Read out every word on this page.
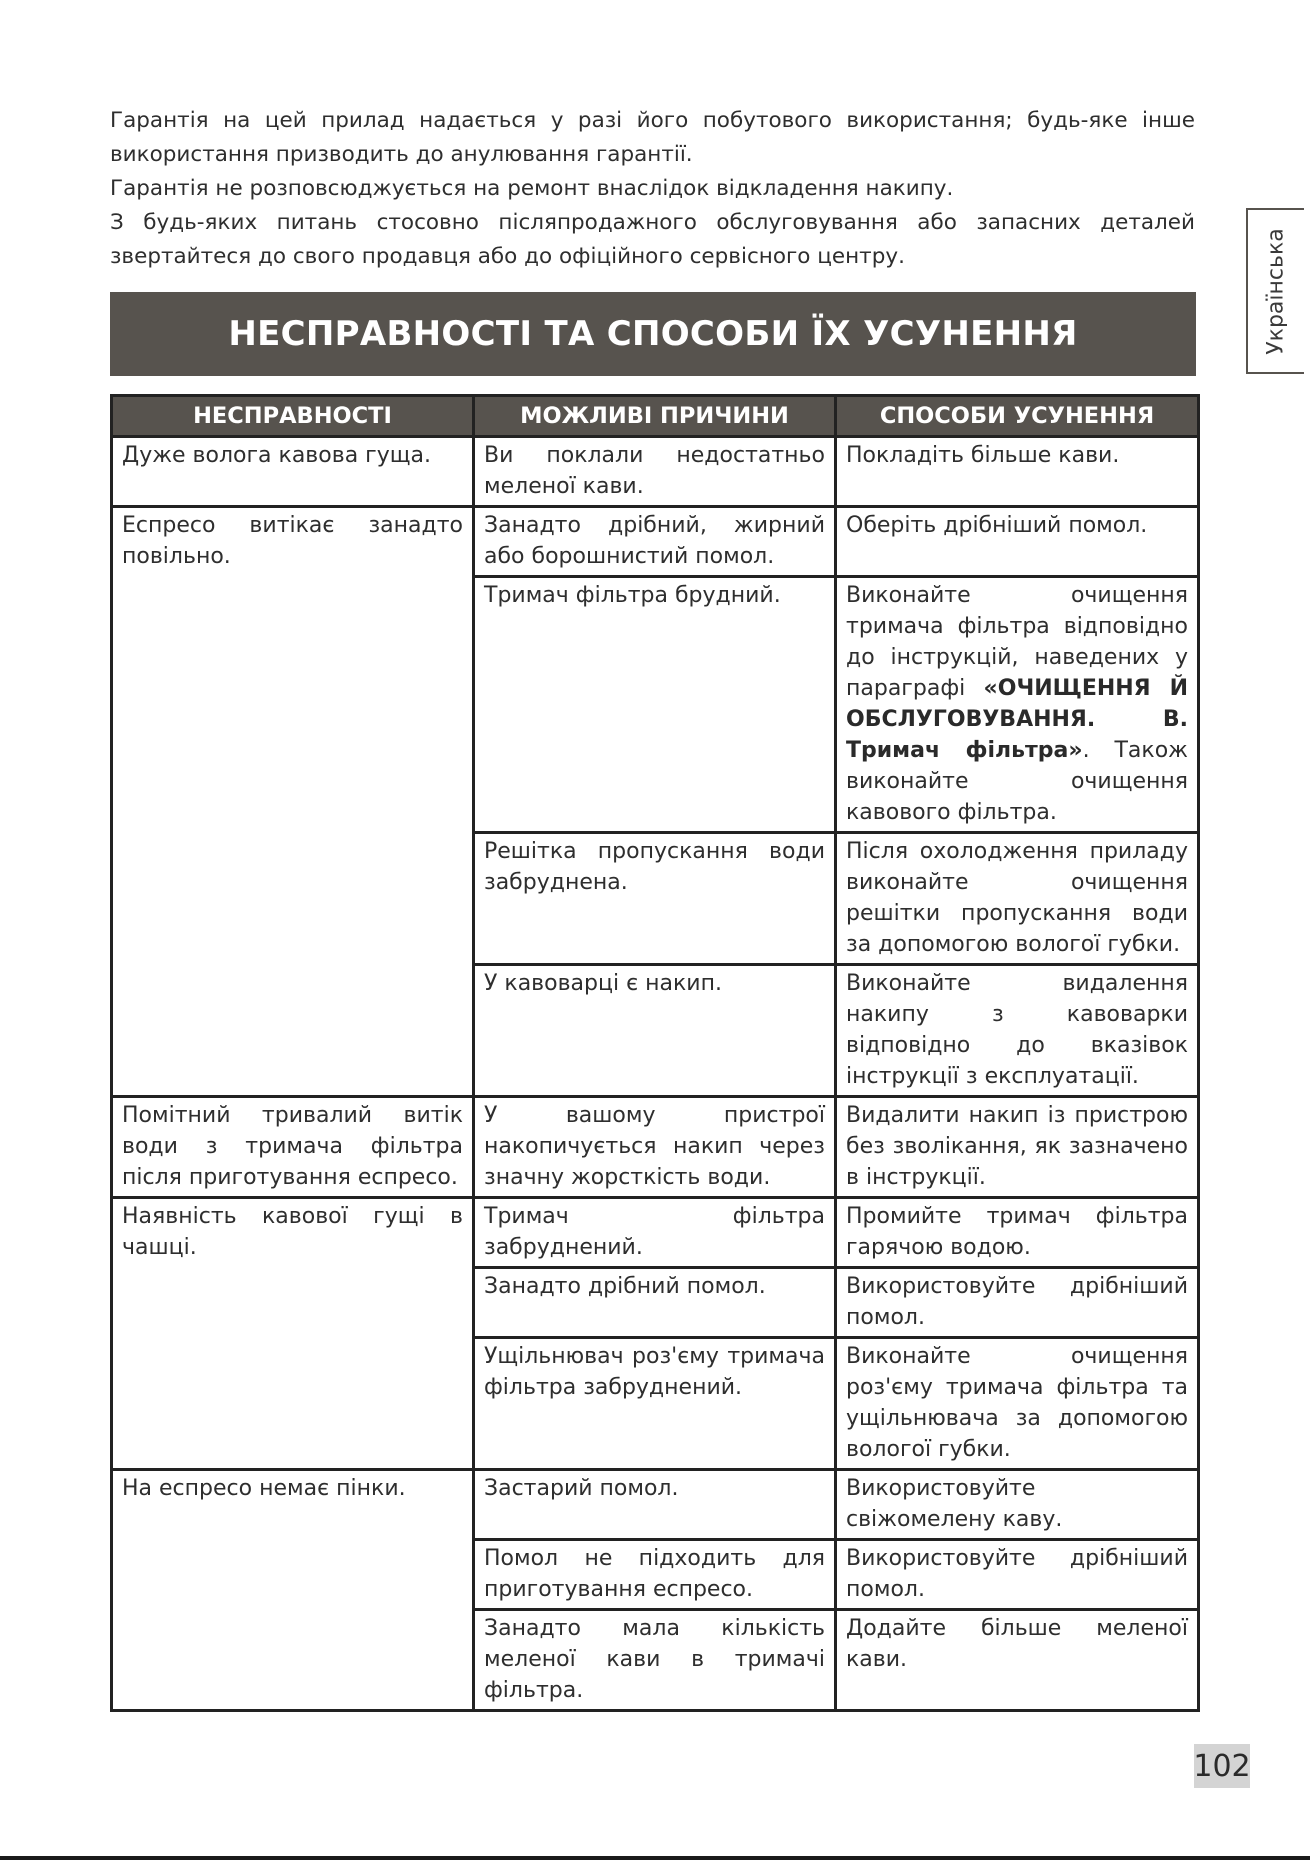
Гарантія на цей прилад надається у разі його побутового використання; будь-яке інше використання призводить до анулювання гарантії.

Гарантія не розповсюджується на ремонт внаслідок відкладення накипу.

З будь-яких питань стосовно післяпродажного обслуговування або запасних деталей звертайтеся до свого продавця або до офіційного сервісного центру.	Українська
НЕСПРАВНОСТІ ТА СПОСОБИ ЇХ УСУНЕННЯ
НЕСПРАВНОСТІ	МОЖЛИВІ ПРИЧИНИ	СПОСОБИ УСУНЕННЯ
Дуже волога кавова гуща.	Ви поклали недостатньо меленої кави.	Покладіть більше кави.
Еспресо витікає занадто повільно.	Занадто дрібний, жирний або борошнистий помол.	Оберіть дрібніший помол.
	Тримач фільтра брудний.	Виконайте очищення тримача фільтра відповідно до інструкцій, наведених у параграфі «ОЧИЩЕННЯ Й ОБСЛУГОВУВАННЯ. B. Тримач фільтра». Також виконайте очищення кавового фільтра.
	Решітка пропускання води забруднена.	Після охолодження приладу виконайте очищення решітки пропускання води за допомогою вологої губки.
	У кавоварці є накип.	Виконайте видалення накипу з кавоварки відповідно до вказівок інструкції з експлуатації.
Помітний тривалий витік води з тримача фільтра після приготування еспресо.	У вашому пристрої накопичується накип через значну жорсткість води.	Видалити накип із пристрою без зволікання, як зазначено в інструкції.
Наявність кавової гущі в чашці.	Тримач фільтра забруднений.	Промийте тримач фільтра гарячою водою.
	Занадто дрібний помол.	Використовуйте дрібніший помол.
	Ущільнювач роз'єму тримача фільтра забруднений.	Виконайте очищення роз'єму тримача фільтра та ущільнювача за допомогою вологої губки.
На еспресо немає пінки.	Застарий помол.	Використовуйте свіжомелену каву.
	Помол не підходить для приготування еспресо.	Використовуйте дрібніший помол.
	Занадто мала кількість меленої кави в тримачі фільтра.	Додайте більше меленої кави.
102
